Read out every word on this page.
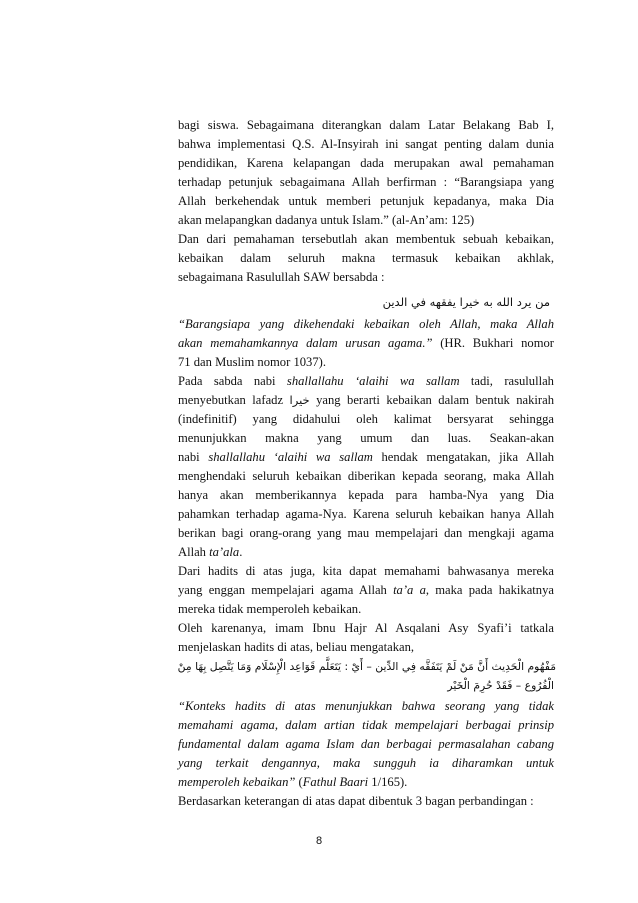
bagi siswa. Sebagaimana diterangkan dalam Latar Belakang Bab I,
bahwa implementasi Q.S. Al-Insyirah ini sangat penting dalam dunia
pendidikan, Karena kelapangan dada merupakan awal pemahaman
terhadap petunjuk sebagaimana Allah berfirman : “Barangsiapa yang
Allah berkehendak untuk memberi petunjuk kepadanya, maka Dia
akan melapangkan dadanya untuk Islam.” (al-An’am: 125)
Dan dari pemahaman tersebutlah akan membentuk sebuah kebaikan,
kebaikan dalam seluruh makna termasuk kebaikan akhlak,
sebagaimana Rasulullah SAW bersabda :
من يرد الله به خيرا يفقهه في الدين
“Barangsiapa yang dikehendaki kebaikan oleh Allah, maka Allah
akan memahamkannya dalam urusan agama.” (HR. Bukhari nomor
71 dan Muslim nomor 1037).
Pada sabda nabi shallallahu ‘alaihi wa sallam tadi, rasulullah
menyebutkan lafadz خيرا yang berarti kebaikan dalam bentuk nakirah
(indefinitif) yang didahului oleh kalimat bersyarat sehingga
menunjukkan makna yang umum dan luas. Seakan-akan
nabi shallallahu ‘alaihi wa sallam hendak mengatakan, jika Allah
menghendaki seluruh kebaikan diberikan kepada seorang, maka Allah
hanya akan memberikannya kepada para hamba-Nya yang Dia
pahamkan terhadap agama-Nya. Karena seluruh kebaikan hanya Allah
berikan bagi orang-orang yang mau mempelajari dan mengkaji agama
Allah ta’ala.
Dari hadits di atas juga, kita dapat memahami bahwasanya mereka
yang enggan mempelajari agama Allah ta’a a, maka pada hakikatnya
mereka tidak memperoleh kebaikan.
Oleh karenanya, imam Ibnu Hajr Al Asqalani Asy Syafi’i tatkala
menjelaskan hadits di atas, beliau mengatakan,
مَفْهُوم الْحَدِيث أَنَّ مَنْ لَمْ يَتَفَقَّه فِي الدِّين – أَيْ : يَتَعَلَّم قَوَاعِد الْإِسْلَام وَمَا يَتَّصِل بِهَا مِنْ
الْفُرُوع – فَقَدْ حُرِمَ الْخَيْر
“Konteks hadits di atas menunjukkan bahwa seorang yang tidak
memahami agama, dalam artian tidak mempelajari berbagai prinsip
fundamental dalam agama Islam dan berbagai permasalahan cabang
yang terkait dengannya, maka sungguh ia diharamkan untuk
memperoleh kebaikan” (Fathul Baari 1/165).
Berdasarkan keterangan di atas dapat dibentuk 3 bagan perbandingan :
8
